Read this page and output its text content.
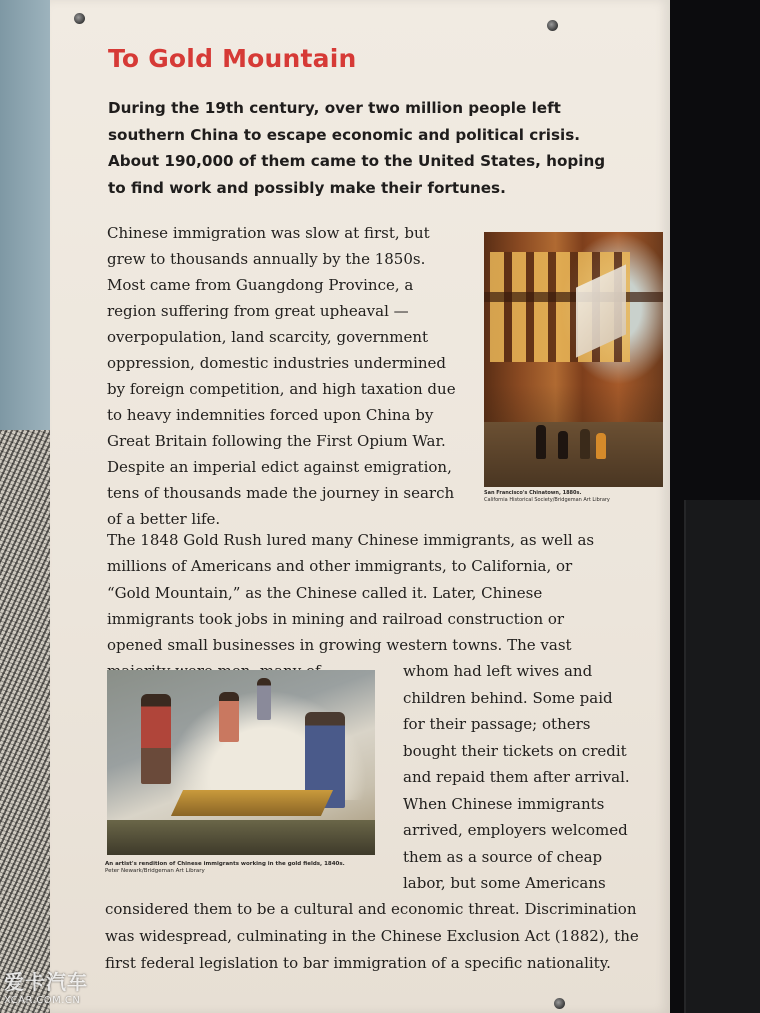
To Gold Mountain

During the 19th century, over two million people left southern China to escape economic and political crisis. About 190,000 of them came to the United States, hoping to find work and possibly make their fortunes.

Chinese immigration was slow at first, but grew to thousands annually by the 1850s. Most came from Guangdong Province, a region suffering from great upheaval — overpopulation, land scarcity, government oppression, domestic industries undermined by foreign competition, and high taxation due to heavy indemnities forced upon China by Great Britain following the First Opium War. Despite an imperial edict against emigration, tens of thousands made the journey in search of a better life.

San Francisco's Chinatown, 1880s.
California Historical Society/Bridgeman Art Library

The 1848 Gold Rush lured many Chinese immigrants, as well as millions of Americans and other immigrants, to California, or “Gold Mountain,” as the Chinese called it. Later, Chinese immigrants took jobs in mining and railroad construction or opened small businesses in growing western towns. The vast

An artist's rendition of Chinese immigrants working in the gold fields, 1840s.
Peter Newark/Bridgeman Art Library

whom had left wives and children behind. Some paid for their passage; others bought their tickets on credit and repaid them after arrival. When Chinese immigrants arrived, employers welcomed them as a source of cheap labor, but some Americans

considered them to be a cultural and economic threat. Discrimination was widespread, culminating in the Chinese Exclusion Act (1882), the first federal legislation to bar immigration of a specific nationality.

爱卡汽车
XCAR.COM.CN
